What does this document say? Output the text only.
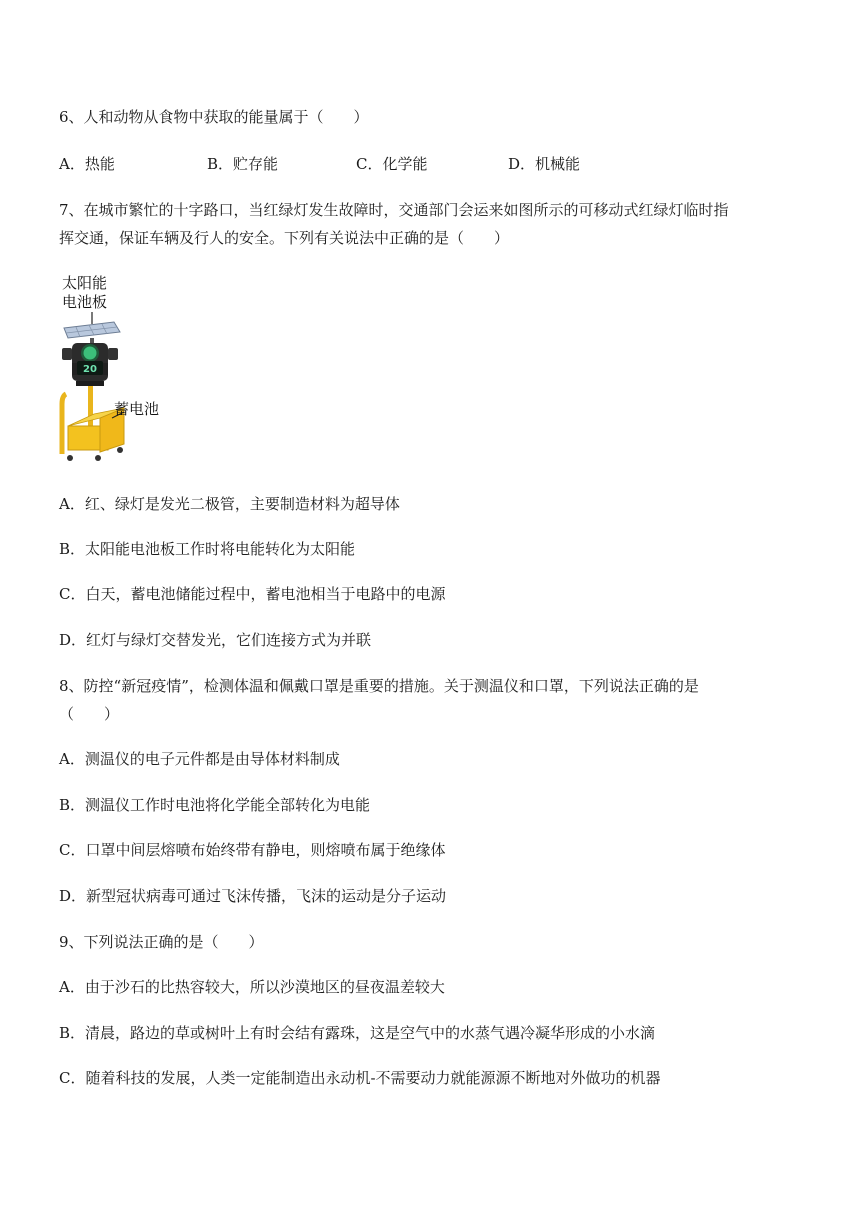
6、人和动物从食物中获取的能量属于（　　）
A．热能	B．贮存能	C．化学能	D．机械能
7、在城市繁忙的十字路口，当红绿灯发生故障时，交通部门会运来如图所示的可移动式红绿灯临时指
挥交通，保证车辆及行人的安全。下列有关说法中正确的是（　　）
太阳能
电池板
20
蓄电池
A．红、绿灯是发光二极管，主要制造材料为超导体
B．太阳能电池板工作时将电能转化为太阳能
C．白天，蓄电池储能过程中，蓄电池相当于电路中的电源
D．红灯与绿灯交替发光，它们连接方式为并联
8、防控“新冠疫情”，检测体温和佩戴口罩是重要的措施。关于测温仪和口罩，下列说法正确的是
（　　）
A．测温仪的电子元件都是由导体材料制成
B．测温仪工作时电池将化学能全部转化为电能
C．口罩中间层熔喷布始终带有静电，则熔喷布属于绝缘体
D．新型冠状病毒可通过飞沫传播，飞沫的运动是分子运动
9、下列说法正确的是（　　）
A．由于沙石的比热容较大，所以沙漠地区的昼夜温差较大
B．清晨，路边的草或树叶上有时会结有露珠，这是空气中的水蒸气遇冷凝华形成的小水滴
C．随着科技的发展，人类一定能制造出永动机-不需要动力就能源源不断地对外做功的机器
